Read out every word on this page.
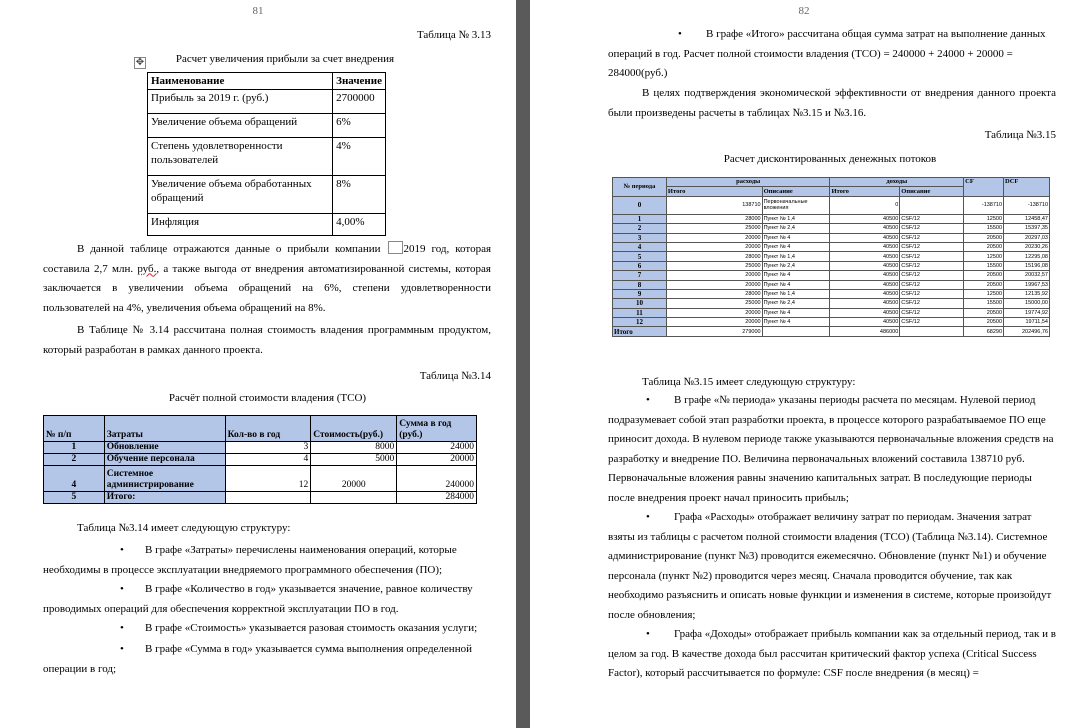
81
Таблица № 3.13
Расчет увеличения прибыли за счет внедрения
✥
Наименование	Значение
Прибыль за 2019 г. (руб.)	2700000
Увеличение объема обращений	6%
Степень удовлетворенности пользователей	4%
Увеличение объема обработанных обращений	8%
Инфляция	4,00%
В данной таблице отражаются данные о прибыли компании 2019 год, которая составила 2,7 млн. руб., а также выгода от внедрения автоматизированной системы, которая заключается в увеличении объема обращений на 6%, степени удовлетворенности пользователей на 4%, увеличения объема обращений на 8%.
В Таблице № 3.14 рассчитана полная стоимость владения программным продуктом, который разработан в рамках данного проекта.
Таблица №3.14
Расчёт полной стоимости владения (TCO)
№ п/п	Затраты	Кол-во в год	Стоимость(руб.)	Сумма в год (руб.)
1	Обновление	3	8000	24000
2	Обучение персонала	4	5000	20000
4	Системное администрирование	12	20000	240000
5	Итого:			284000
Таблица №3.14 имеет следующую структуру:
•	В графе «Затраты» перечислены наименования операций, которые необходимы в процессе эксплуатации внедряемого программного обеспечения (ПО);
•	В графе «Количество в год» указывается значение, равное количеству проводимых операций для обеспечения корректной эксплуатации ПО в год.
•	В графе «Стоимость» указывается разовая стоимость оказания услуги;
•	В графе «Сумма в год» указывается сумма выполнения определенной операции в год;
82
•	В графе «Итого» рассчитана общая сумма затрат на выполнение данных операций в год. Расчет полной стоимости владения (TCO) = 240000 + 24000 + 20000 = 284000(руб.)
В целях подтверждения экономической эффективности от внедрения данного проекта были произведены расчеты в таблицах №3.15 и №3.16.
Таблица №3.15
Расчет дисконтированных денежных потоков
№ периода	расходы		доходы		CF	DCF
	Итого	Описание	Итого	Описание		
0	138710	Первоначальные вложения	0		-138710	-138710
1	28000	Пункт № 1,4	40500	CSF/12	12500	12458,47
2	25000	Пункт № 2,4	40500	CSF/12	15500	15397,35
3	20000	Пункт № 4	40500	CSF/12	20500	20297,03
4	20000	Пункт № 4	40500	CSF/12	20500	20230,26
5	28000	Пункт № 1,4	40500	CSF/12	12500	12295,08
6	25000	Пункт № 2,4	40500	CSF/12	15500	15196,08
7	20000	Пункт № 4	40500	CSF/12	20500	20032,57
8	20000	Пункт № 4	40500	CSF/12	20500	19967,53
9	28000	Пункт № 1,4	40500	CSF/12	12500	12135,92
10	25000	Пункт № 2,4	40500	CSF/12	15500	15000,00
11	20000	Пункт № 4	40500	CSF/12	20500	19774,92
12	20000	Пункт № 4	40500	CSF/12	20500	19711,54
Итого	279000		486000		68290	202496,76
Таблица №3.15 имеет следующую структуру:
•	В графе «№ периода» указаны периоды расчета по месяцам. Нулевой период подразумевает собой этап разработки проекта, в процессе которого разрабатываемое ПО еще приносит дохода. В нулевом периоде также указываются первоначальные вложения средств на разработку и внедрение ПО. Величина первоначальных вложений составила 138710 руб. Первоначальные вложения равны значению капитальных затрат. В последующие периоды после внедрения проект начал приносить прибыль;
•	Графа «Расходы» отображает величину затрат по периодам. Значения затрат взяты из таблицы с расчетом полной стоимости владения (ТСО) (Таблица №3.14). Системное администрирование (пункт №3) проводится ежемесячно. Обновление (пункт №1) и обучение персонала (пункт №2) проводится через месяц. Сначала проводится обучение, так как необходимо разъяснить и описать новые функции и изменения в системе, которые произойдут после обновления;
•	Графа «Доходы» отображает прибыль компании как за отдельный период, так и в целом за год. В качестве дохода был рассчитан критический фактор успеха (Critical Success Factor), который рассчитывается по формуле: CSF после внедрения (в месяц) =
